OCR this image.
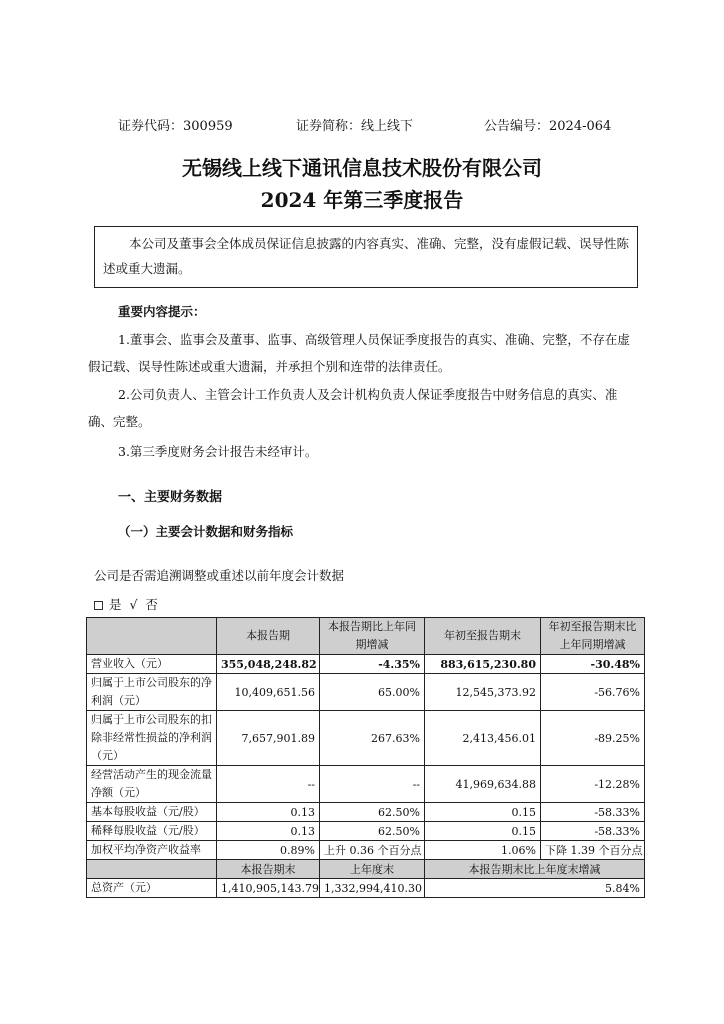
证券代码：300959	证券简称：线上线下	公告编号：2024-064
无锡线上线下通讯信息技术股份有限公司
2024 年第三季度报告
本公司及董事会全体成员保证信息披露的内容真实、准确、完整，没有虚假记载、误导性陈述或重大遗漏。
重要内容提示：
1.董事会、监事会及董事、监事、高级管理人员保证季度报告的真实、准确、完整，不存在虚假记载、误导性陈述或重大遗漏，并承担个别和连带的法律责任。
2.公司负责人、主管会计工作负责人及会计机构负责人保证季度报告中财务信息的真实、准确、完整。
3.第三季度财务会计报告未经审计。
一、主要财务数据
（一）主要会计数据和财务指标
公司是否需追溯调整或重述以前年度会计数据
是 √ 否
	本报告期	本报告期比上年同期增减	年初至报告期末	年初至报告期末比上年同期增减
营业收入（元）	355,048,248.82	-4.35%	883,615,230.80	-30.48%
归属于上市公司股东的净利润（元）	10,409,651.56	65.00%	12,545,373.92	-56.76%
归属于上市公司股东的扣除非经常性损益的净利润（元）	7,657,901.89	267.63%	2,413,456.01	-89.25%
经营活动产生的现金流量净额（元）	--	--	41,969,634.88	-12.28%
基本每股收益（元/股）	0.13	62.50%	0.15	-58.33%
稀释每股收益（元/股）	0.13	62.50%	0.15	-58.33%
加权平均净资产收益率	0.89%	上升 0.36 个百分点	1.06%	下降 1.39 个百分点
	本报告期末	上年度末	本报告期末比上年度末增减	
总资产（元）	1,410,905,143.79	1,332,994,410.30	5.84%	
